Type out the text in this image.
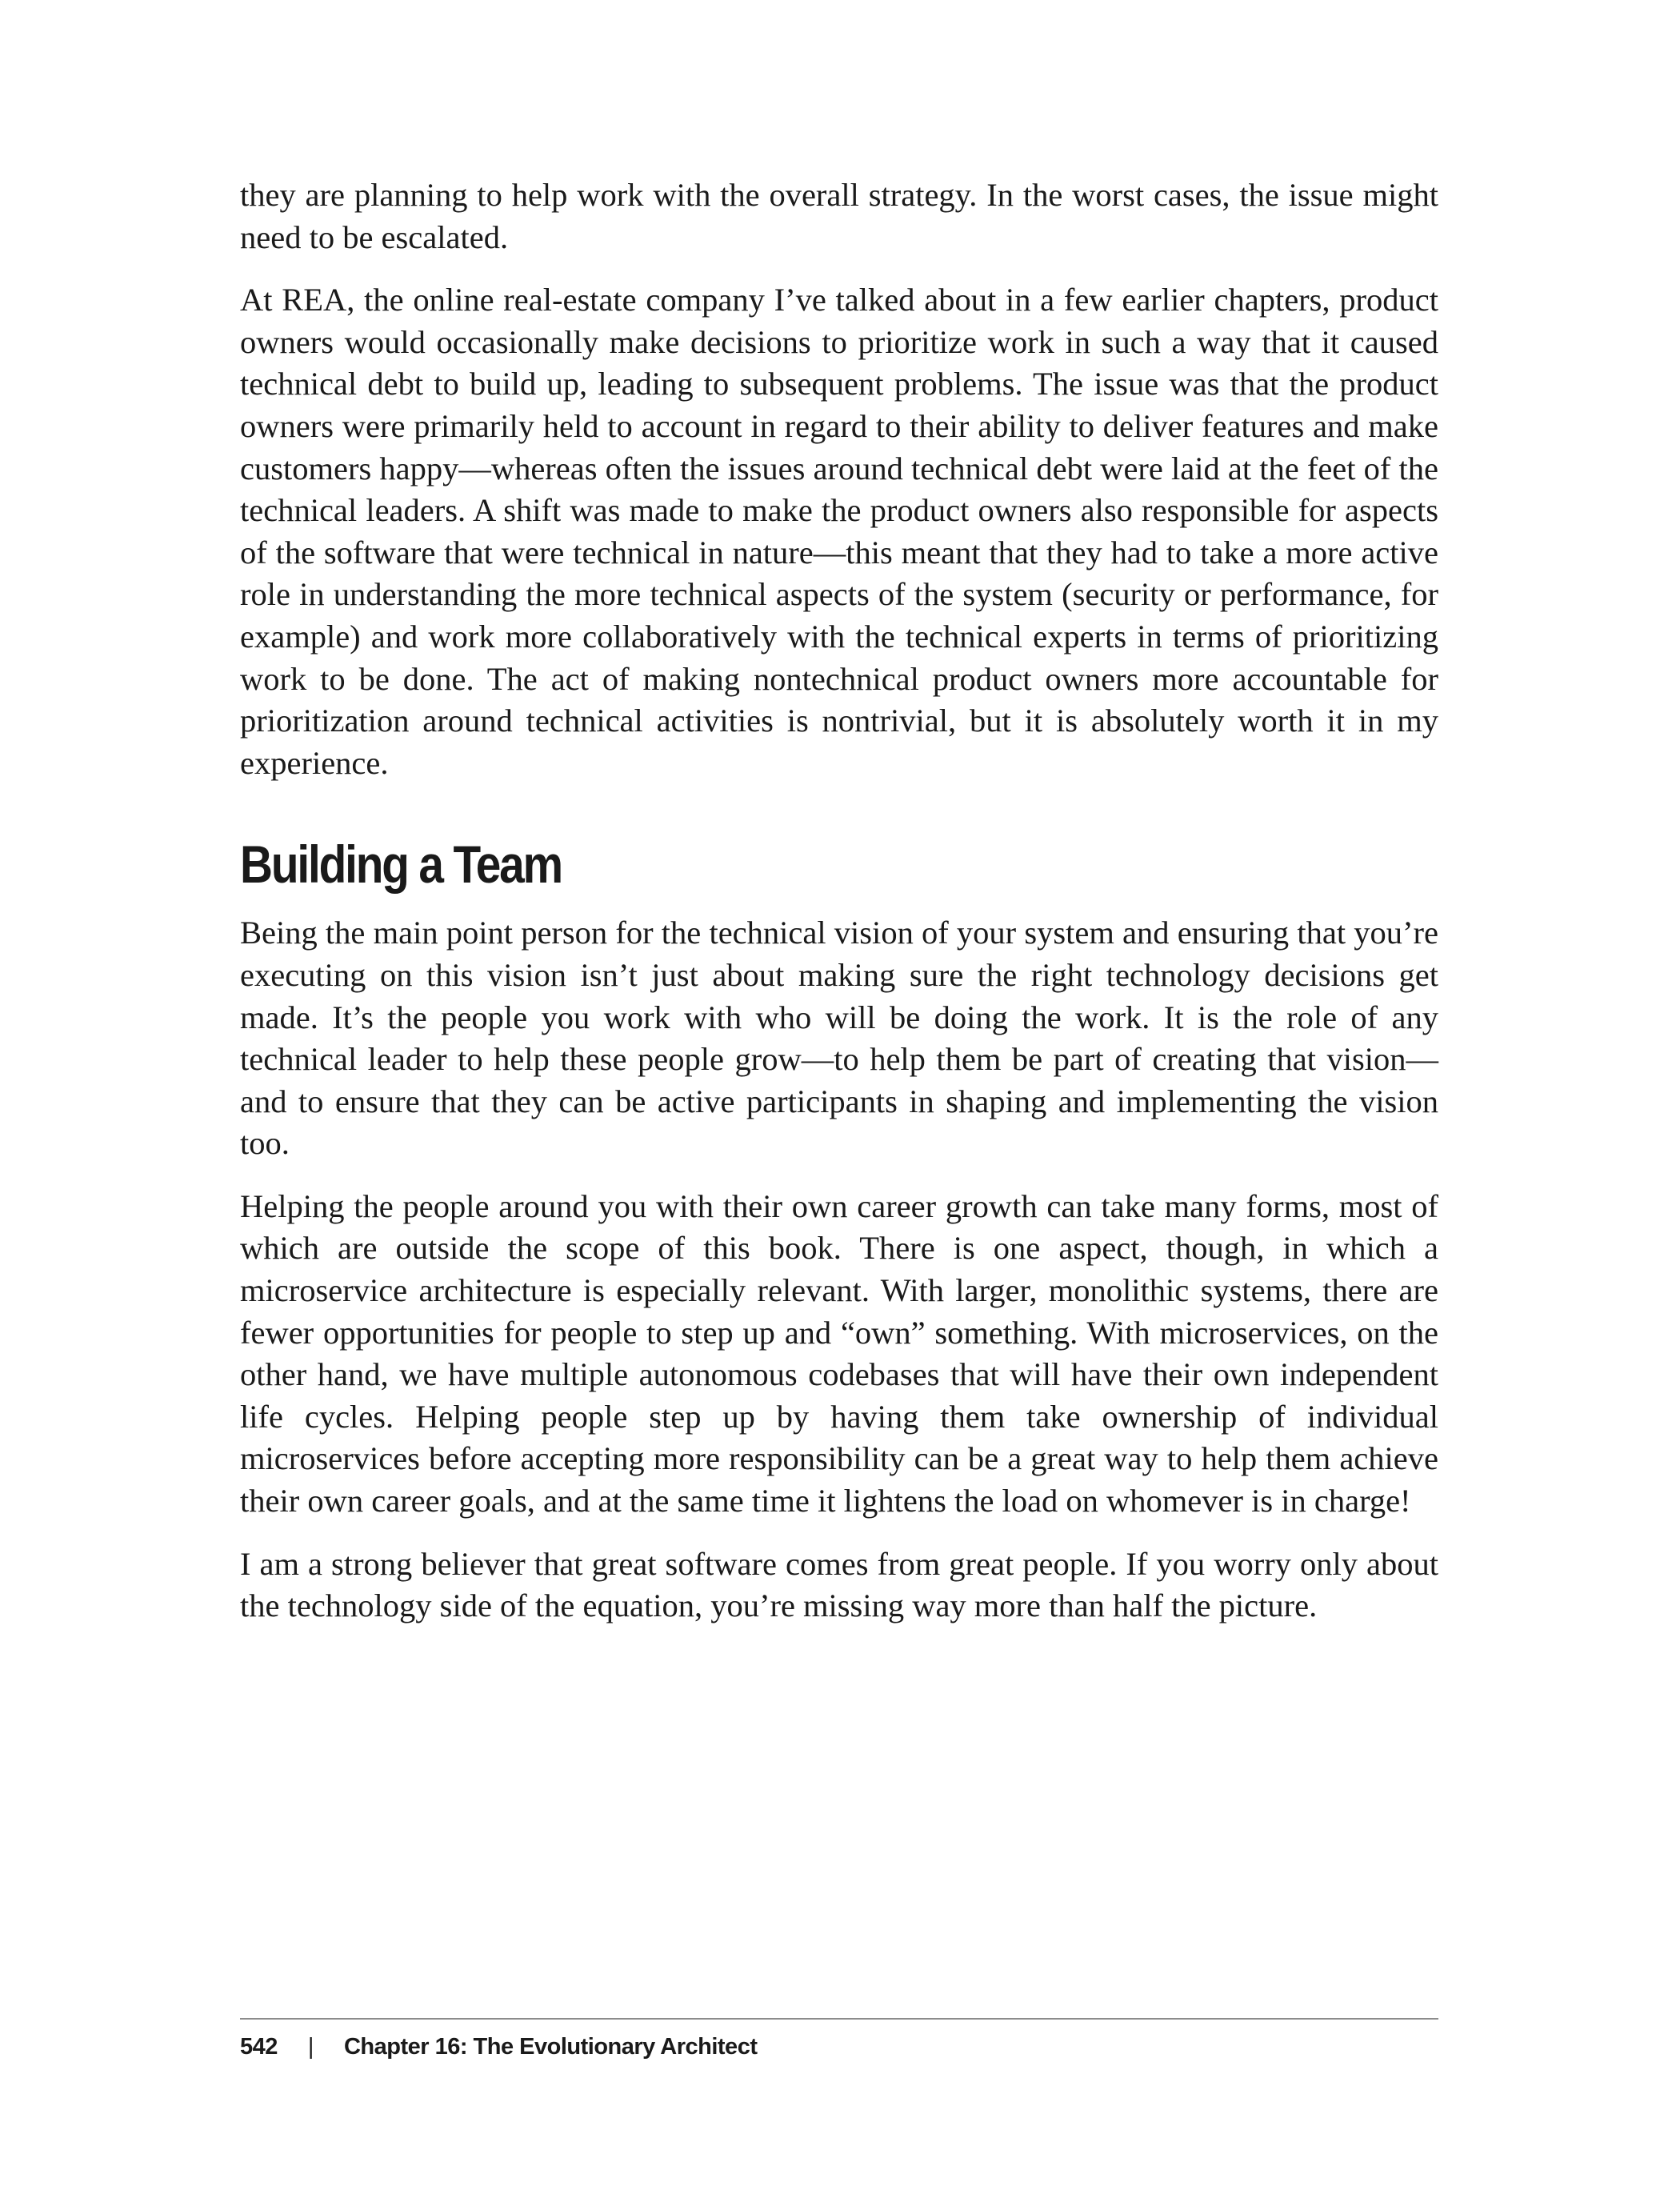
they are planning to help work with the overall strategy. In the worst cases, the issue might need to be escalated.

At REA, the online real-estate company I’ve talked about in a few earlier chapters, product owners would occasionally make decisions to prioritize work in such a way that it caused technical debt to build up, leading to subsequent problems. The issue was that the product owners were primarily held to account in regard to their ability to deliver features and make customers happy—whereas often the issues around technical debt were laid at the feet of the technical leaders. A shift was made to make the product owners also responsible for aspects of the software that were technical in nature—this meant that they had to take a more active role in understanding the more technical aspects of the system (security or performance, for example) and work more collaboratively with the technical experts in terms of prioritizing work to be done. The act of making nontechnical product owners more accountable for prioritization around technical activities is nontrivial, but it is absolutely worth it in my experience.

Building a Team

Being the main point person for the technical vision of your system and ensuring that you’re executing on this vision isn’t just about making sure the right technology decisions get made. It’s the people you work with who will be doing the work. It is the role of any technical leader to help these people grow—to help them be part of creating that vision—and to ensure that they can be active participants in shaping and implementing the vision too.

Helping the people around you with their own career growth can take many forms, most of which are outside the scope of this book. There is one aspect, though, in which a microservice architecture is especially relevant. With larger, monolithic systems, there are fewer opportunities for people to step up and “own” something. With microservices, on the other hand, we have multiple autonomous codebases that will have their own independent life cycles. Helping people step up by having them take ownership of individual microservices before accepting more responsibility can be a great way to help them achieve their own career goals, and at the same time it lightens the load on whomever is in charge!

I am a strong believer that great software comes from great people. If you worry only about the technology side of the equation, you’re missing way more than half the picture.

542 | Chapter 16: The Evolutionary Architect
